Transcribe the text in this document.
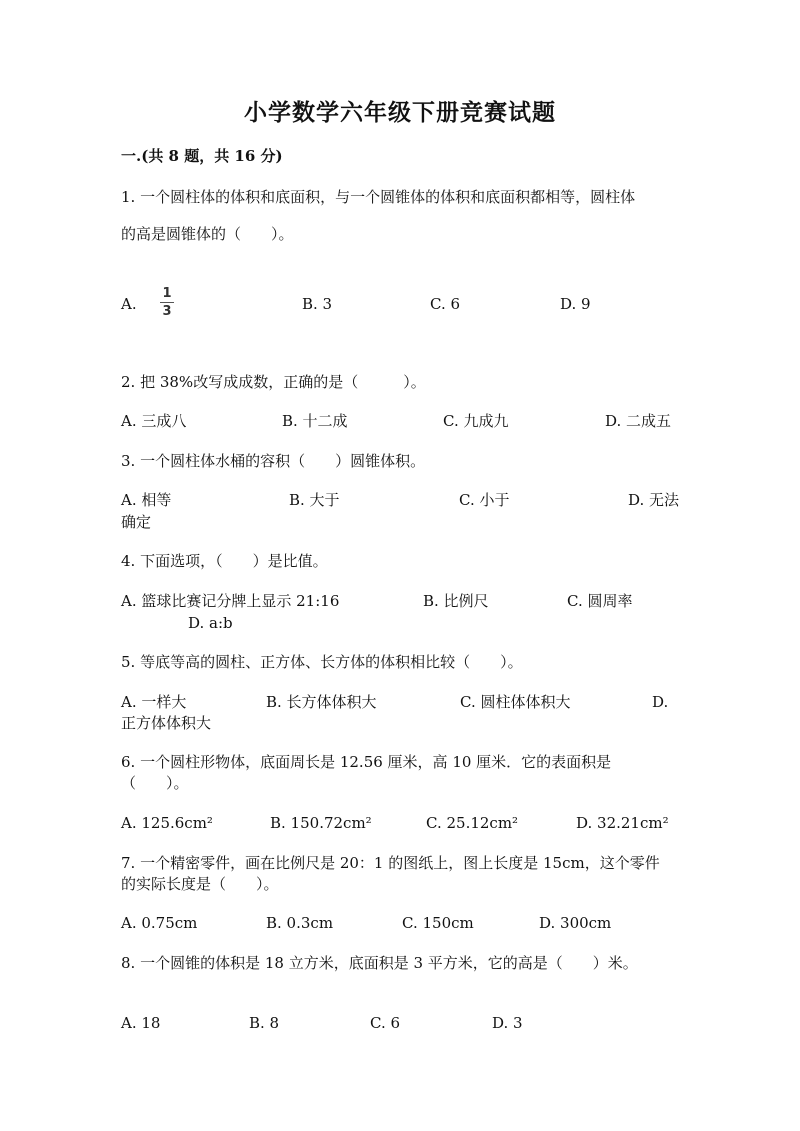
小学数学六年级下册竞赛试题
一.(共 8 题，共 16 分)
1. 一个圆柱体的体积和底面积，与一个圆锥体的体积和底面积都相等，圆柱体
的高是圆锥体的（　　）。
A.
1
3	B. 3	C. 6	D. 9
2. 把 38%改写成成数，正确的是（　　　）。
A. 三成八	B. 十二成	C. 九成九	D. 二成五
3. 一个圆柱体水桶的容积（　　）圆锥体积。
A. 相等	B. 大于	C. 小于	D. 无法
确定
4. 下面选项，（　　）是比值。
A. 篮球比赛记分牌上显示 21:16	B. 比例尺	C. 圆周率
D. a:b
5. 等底等高的圆柱、正方体、长方体的体积相比较（　　）。
A. 一样大	B. 长方体体积大	C. 圆柱体体积大	D.
正方体体积大
6. 一个圆柱形物体，底面周长是 12.56 厘米，高 10 厘米．它的表面积是
（　　）。
A. 125.6cm²	B. 150.72cm²	C. 25.12cm²	D. 32.21cm²
7. 一个精密零件，画在比例尺是 20：1 的图纸上，图上长度是 15cm，这个零件
的实际长度是（　　）。
A. 0.75cm	B. 0.3cm	C. 150cm	D. 300cm
8. 一个圆锥的体积是 18 立方米，底面积是 3 平方米，它的高是（　　）米。
A. 18	B. 8	C. 6	D. 3
